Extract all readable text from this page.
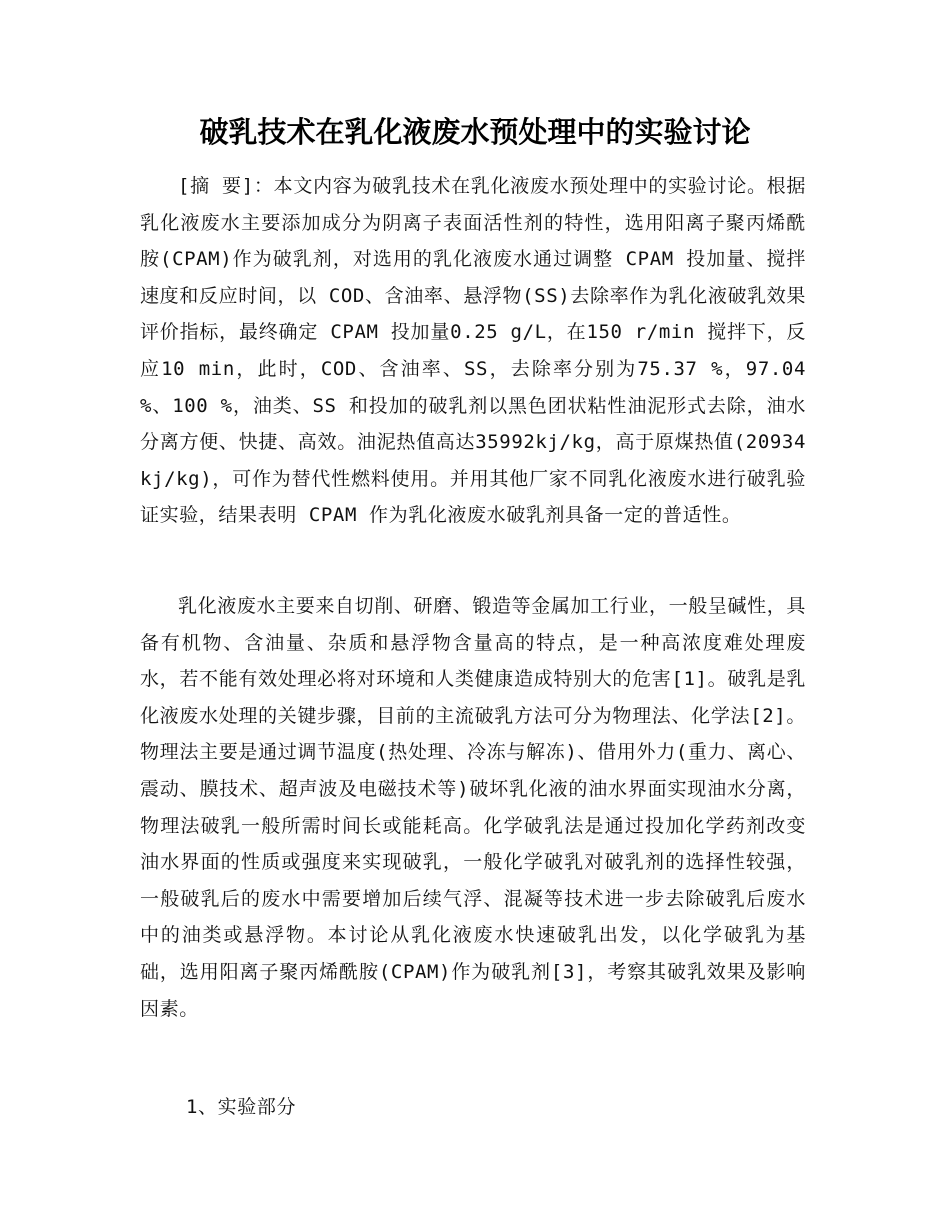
破乳技术在乳化液废水预处理中的实验讨论

[摘 要]：本文内容为破乳技术在乳化液废水预处理中的实验讨论。根据乳化液废水主要添加成分为阴离子表面活性剂的特性，选用阳离子聚丙烯酰胺(CPAM)作为破乳剂，对选用的乳化液废水通过调整 CPAM 投加量、搅拌速度和反应时间，以 COD、含油率、悬浮物(SS)去除率作为乳化液破乳效果评价指标，最终确定 CPAM 投加量0.25 g/L，在150 r/min 搅拌下，反应10 min，此时，COD、含油率、SS，去除率分别为75.37 %，97.04 %、100 %，油类、SS 和投加的破乳剂以黑色团状粘性油泥形式去除，油水分离方便、快捷、高效。油泥热值高达35992kj/kg，高于原煤热值(20934 kj/kg)，可作为替代性燃料使用。并用其他厂家不同乳化液废水进行破乳验证实验，结果表明 CPAM 作为乳化液废水破乳剂具备一定的普适性。

乳化液废水主要来自切削、研磨、锻造等金属加工行业，一般呈碱性，具备有机物、含油量、杂质和悬浮物含量高的特点，是一种高浓度难处理废水，若不能有效处理必将对环境和人类健康造成特别大的危害[1]。破乳是乳化液废水处理的关键步骤，目前的主流破乳方法可分为物理法、化学法[2]。物理法主要是通过调节温度(热处理、冷冻与解冻)、借用外力(重力、离心、震动、膜技术、超声波及电磁技术等)破坏乳化液的油水界面实现油水分离，物理法破乳一般所需时间长或能耗高。化学破乳法是通过投加化学药剂改变油水界面的性质或强度来实现破乳，一般化学破乳对破乳剂的选择性较强，一般破乳后的废水中需要增加后续气浮、混凝等技术进一步去除破乳后废水中的油类或悬浮物。本讨论从乳化液废水快速破乳出发，以化学破乳为基础，选用阳离子聚丙烯酰胺(CPAM)作为破乳剂[3]，考察其破乳效果及影响因素。

1、实验部分
